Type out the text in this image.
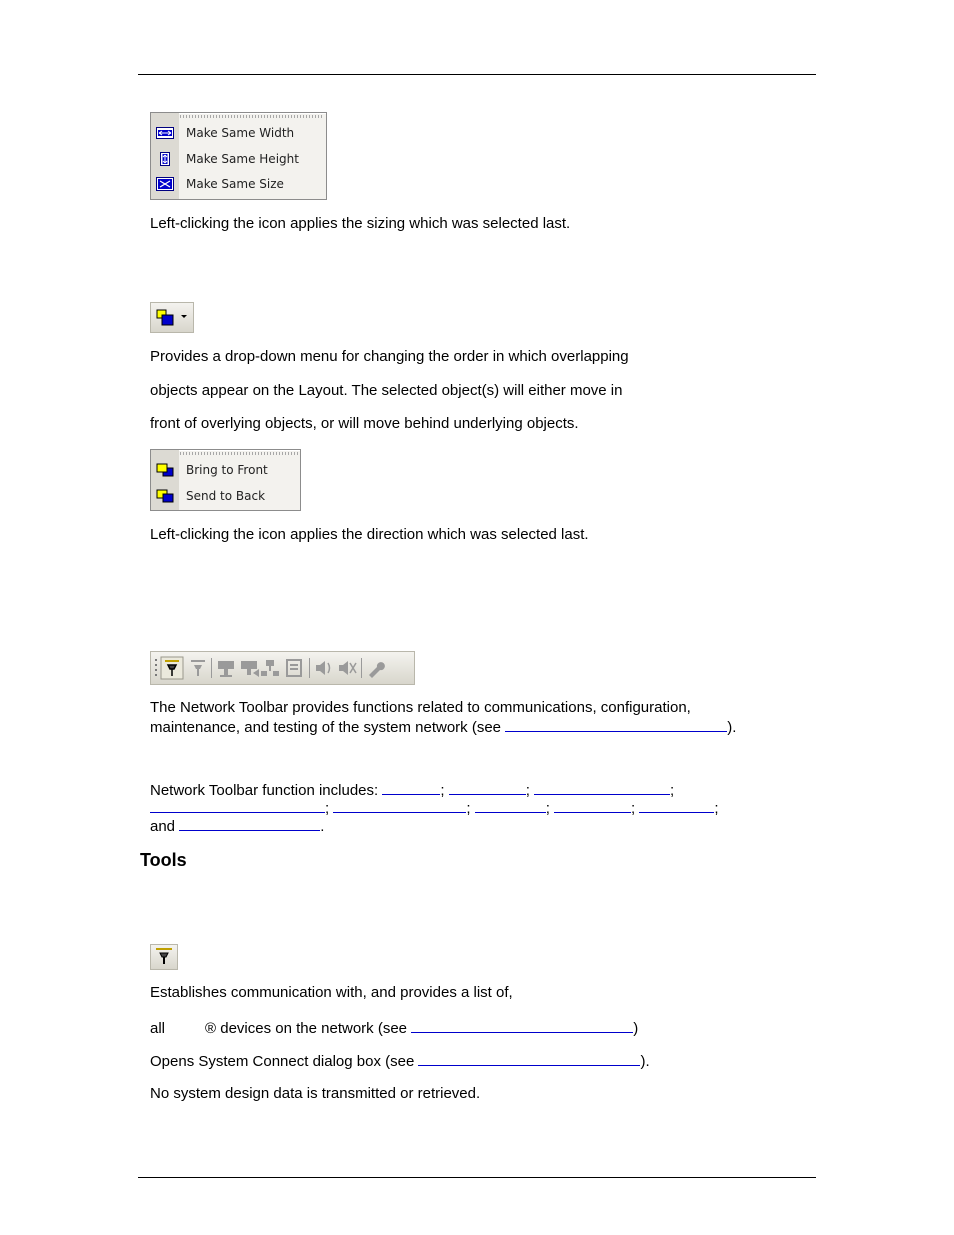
Make Same Width
Make Same Height
Make Same Size
Left-clicking the icon applies the sizing which was selected last.
Provides a drop-down menu for changing the order in which overlapping
objects appear on the Layout. The selected object(s) will either move in
front of overlying objects, or will move behind underlying objects.
Bring to Front
Send to Back
Left-clicking the icon applies the direction which was selected last.
The Network Toolbar provides functions related to communications, configuration,
maintenance, and testing of the system network (see	).
Network Toolbar function includes:	;	;	;
;	;	;	;	;
and	.
Tools
Establishes communication with, and provides a list of,
all	® devices on the network (see	)
Opens System Connect dialog box (see	).
No system design data is transmitted or retrieved.
